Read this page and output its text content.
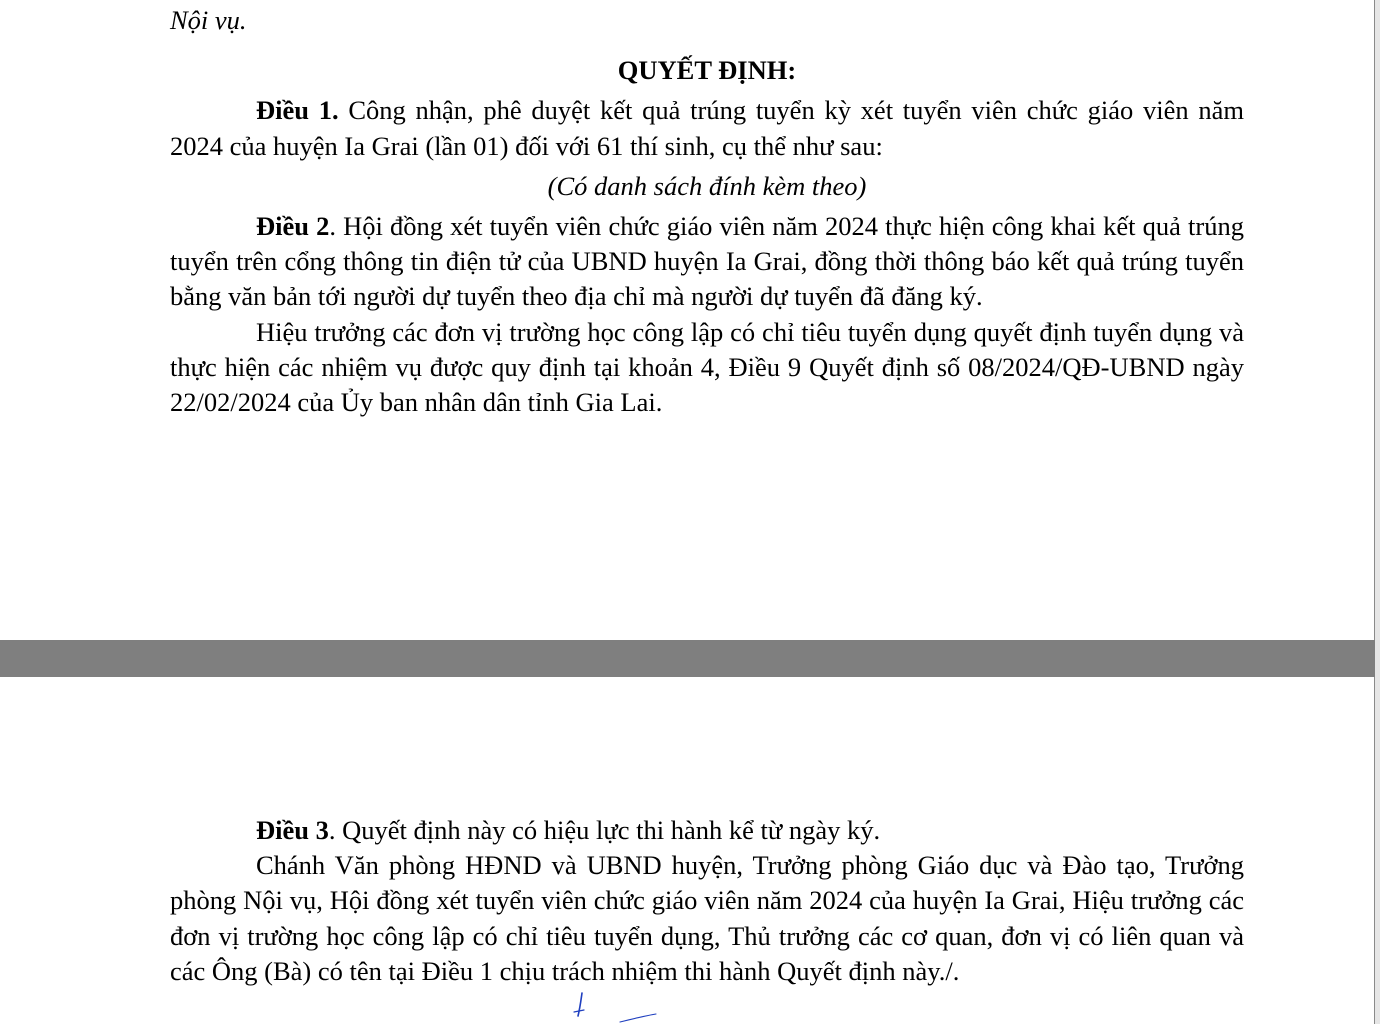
Nội vụ.

QUYẾT ĐỊNH:

Điều 1. Công nhận, phê duyệt kết quả trúng tuyển kỳ xét tuyển viên chức giáo viên năm 2024 của huyện Ia Grai (lần 01) đối với 61 thí sinh, cụ thể như sau:

(Có danh sách đính kèm theo)

Điều 2. Hội đồng xét tuyển viên chức giáo viên năm 2024 thực hiện công khai kết quả trúng tuyển trên cổng thông tin điện tử của UBND huyện Ia Grai, đồng thời thông báo kết quả trúng tuyển bằng văn bản tới người dự tuyển theo địa chỉ mà người dự tuyển đã đăng ký.

Hiệu trưởng các đơn vị trường học công lập có chỉ tiêu tuyển dụng quyết định tuyển dụng và thực hiện các nhiệm vụ được quy định tại khoản 4, Điều 9 Quyết định số 08/2024/QĐ-UBND ngày 22/02/2024 của Ủy ban nhân dân tỉnh Gia Lai.

Điều 3. Quyết định này có hiệu lực thi hành kể từ ngày ký.

Chánh Văn phòng HĐND và UBND huyện, Trưởng phòng Giáo dục và Đào tạo, Trưởng phòng Nội vụ, Hội đồng xét tuyển viên chức giáo viên năm 2024 của huyện Ia Grai, Hiệu trưởng các đơn vị trường học công lập có chỉ tiêu tuyển dụng, Thủ trưởng các cơ quan, đơn vị có liên quan và các Ông (Bà) có tên tại Điều 1 chịu trách nhiệm thi hành Quyết định này./.
